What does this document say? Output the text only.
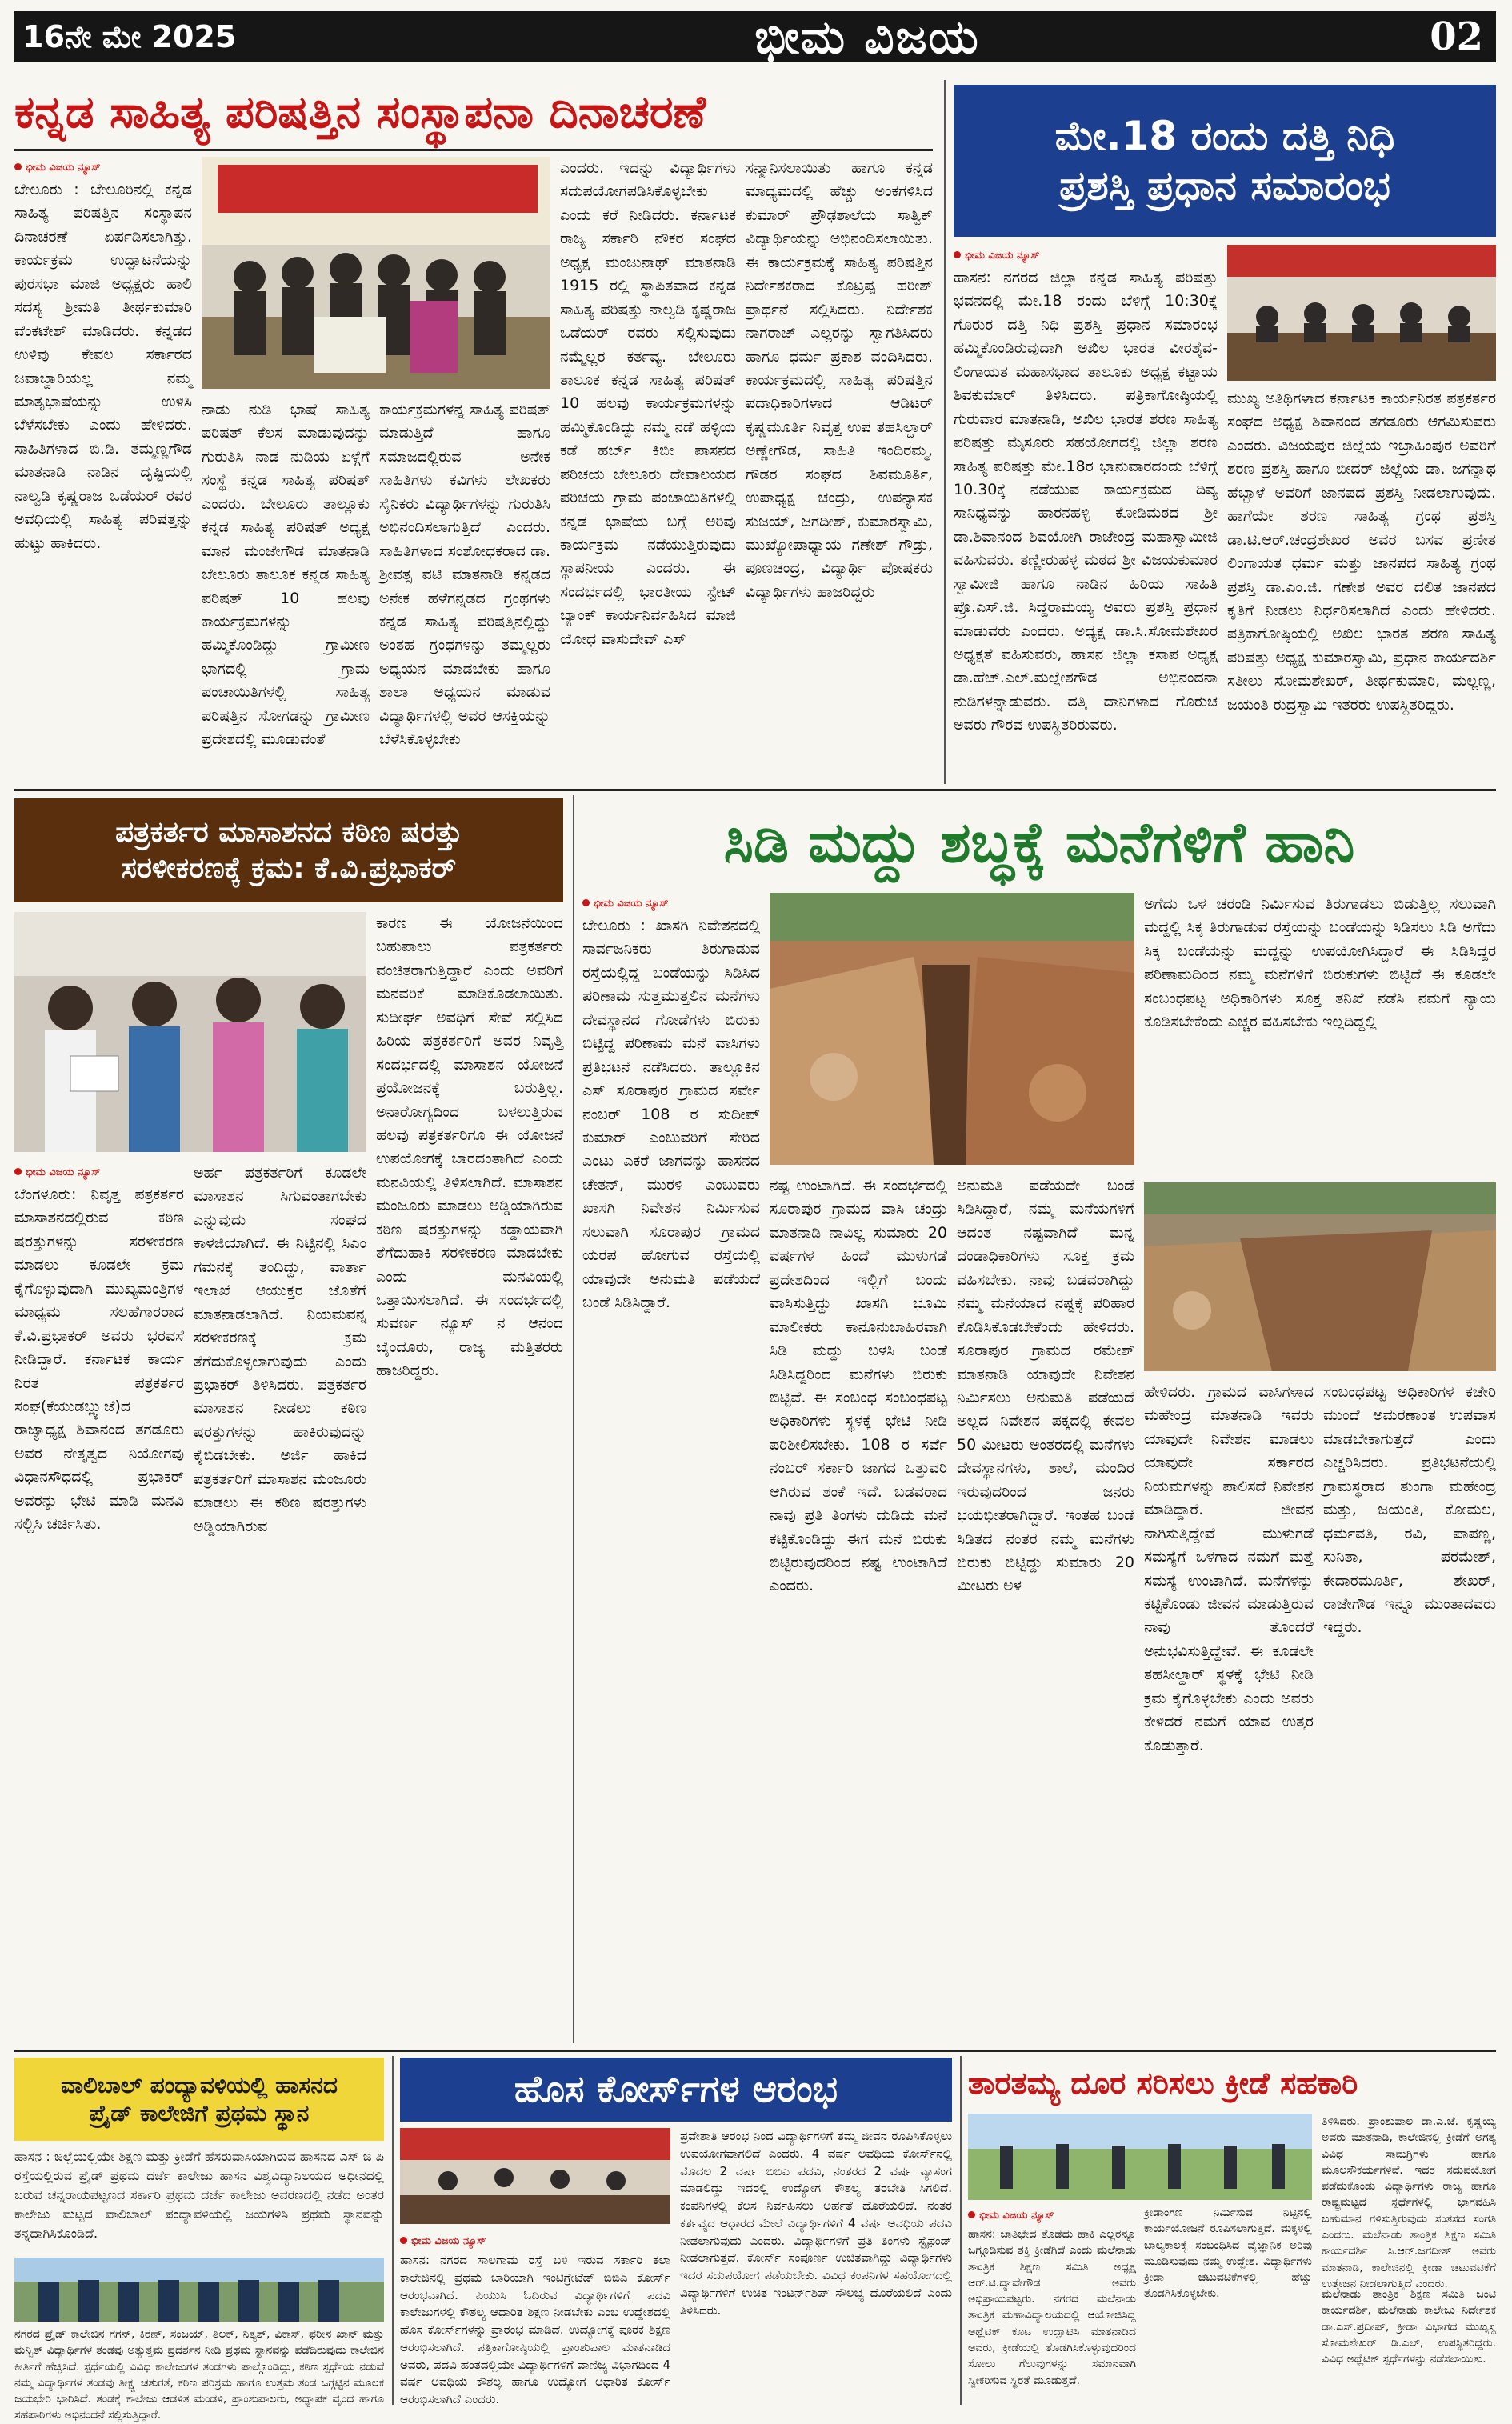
16ನೇ ಮೇ 2025	ಭೀಮ ವಿಜಯ	02
ಕನ್ನಡ ಸಾಹಿತ್ಯ ಪರಿಷತ್ತಿನ ಸಂಸ್ಥಾಪನಾ ದಿನಾಚರಣೆ
ಭೀಮ ವಿಜಯ ನ್ಯೂಸ್
ಬೇಲೂರು : ಬೇಲೂರಿನಲ್ಲಿ ಕನ್ನಡ ಸಾಹಿತ್ಯ ಪರಿಷತ್ತಿನ ಸಂಸ್ಥಾಪನ ದಿನಾಚರಣೆ ಏರ್ಪಡಿಸಲಾಗಿತ್ತು. ಕಾರ್ಯಕ್ರಮ ಉದ್ಘಾಟನೆಯನ್ನು ಪುರಸಭಾ ಮಾಜಿ ಅಧ್ಯಕ್ಷರು ಹಾಲಿ ಸದಸ್ಯ ಶ್ರೀಮತಿ ತೀರ್ಥಕುಮಾರಿ ವೆಂಕಟೇಶ್ ಮಾಡಿದರು. ಕನ್ನಡದ ಉಳಿವು ಕೇವಲ ಸರ್ಕಾರದ ಜವಾಬ್ದಾರಿಯಲ್ಲ ನಮ್ಮ ಮಾತೃಭಾಷೆಯನ್ನು ಉಳಿಸಿ ಬೆಳೆಸಬೇಕು ಎಂದು ಹೇಳಿದರು. ಸಾಹಿತಿಗಳಾದ ಬಿ.ಡಿ. ತಮ್ಮಣ್ಣಗೌಡ ಮಾತನಾಡಿ ನಾಡಿನ ದೃಷ್ಟಿಯಲ್ಲಿ ನಾಲ್ವಡಿ ಕೃಷ್ಣರಾಜ ಒಡೆಯರ್ ರವರ ಅವಧಿಯಲ್ಲಿ ಸಾಹಿತ್ಯ ಪರಿಷತ್ತನ್ನು ಹುಟ್ಟು ಹಾಕಿದರು.
ನಾಡು ನುಡಿ ಭಾಷೆ ಸಾಹಿತ್ಯ ಪರಿಷತ್ ಕೆಲಸ ಮಾಡುವುದನ್ನು ಗುರುತಿಸಿ ನಾಡ ನುಡಿಯ ಏಳ್ಗೆಗೆ ಸಂಸ್ಥೆ ಕನ್ನಡ ಸಾಹಿತ್ಯ ಪರಿಷತ್ ಎಂದರು. ಬೇಲೂರು ತಾಲ್ಲೂಕು ಕನ್ನಡ ಸಾಹಿತ್ಯ ಪರಿಷತ್ ಅಧ್ಯಕ್ಷ ಮಾನ ಮಂಜೇಗೌಡ ಮಾತನಾಡಿ ಬೇಲೂರು ತಾಲೂಕ ಕನ್ನಡ ಸಾಹಿತ್ಯ ಪರಿಷತ್ 10 ಹಲವು ಕಾರ್ಯಕ್ರಮಗಳನ್ನು ಹಮ್ಮಿಕೊಂಡಿದ್ದು ಗ್ರಾಮೀಣ ಭಾಗದಲ್ಲಿ ಗ್ರಾಮ ಪಂಚಾಯಿತಿಗಳಲ್ಲಿ ಸಾಹಿತ್ಯ ಪರಿಷತ್ತಿನ ಸೋಗಡನ್ನು ಗ್ರಾಮೀಣ ಪ್ರದೇಶದಲ್ಲಿ ಮೂಡುವಂತೆ
ಕಾರ್ಯಕ್ರಮಗಳನ್ನ ಸಾಹಿತ್ಯ ಪರಿಷತ್ ಮಾಡುತ್ತಿದೆ ಹಾಗೂ ಸಮಾಜದಲ್ಲಿರುವ ಅನೇಕ ಸಾಹಿತಿಗಳು ಕವಿಗಳು ಲೇಖಕರು ಸೈನಿಕರು ವಿದ್ಯಾರ್ಥಿಗಳನ್ನು ಗುರುತಿಸಿ ಅಭಿನಂದಿಸಲಾಗುತ್ತಿದೆ ಎಂದರು. ಸಾಹಿತಿಗಳಾದ ಸಂಶೋಧಕರಾದ ಡಾ. ಶ್ರೀವತ್ಸ ವಟಿ ಮಾತನಾಡಿ ಕನ್ನಡದ ಅನೇಕ ಹಳೆಗನ್ನಡದ ಗ್ರಂಥಗಳು ಕನ್ನಡ ಸಾಹಿತ್ಯ ಪರಿಷತ್ತಿನಲ್ಲಿದ್ದು ಅಂತಹ ಗ್ರಂಥಗಳನ್ನು ತಮ್ಮಲ್ಲರು ಅಧ್ಯಯನ ಮಾಡಬೇಕು ಹಾಗೂ ಶಾಲಾ ಅಧ್ಯಯನ ಮಾಡುವ ವಿದ್ಯಾರ್ಥಿಗಳಲ್ಲಿ ಅವರ ಆಸಕ್ತಿಯನ್ನು ಬೆಳೆಸಿಕೊಳ್ಳಬೇಕು
ಎಂದರು. ಇದನ್ನು ವಿದ್ಯಾರ್ಥಿಗಳು ಸದುಪಯೋಗಪಡಿಸಿಕೊಳ್ಳಬೇಕು ಎಂದು ಕರೆ ನೀಡಿದರು. ಕರ್ನಾಟಕ ರಾಜ್ಯ ಸರ್ಕಾರಿ ನೌಕರ ಸಂಘದ ಅಧ್ಯಕ್ಷ ಮಂಜುನಾಥ್ ಮಾತನಾಡಿ 1915 ರಲ್ಲಿ ಸ್ಥಾಪಿತವಾದ ಕನ್ನಡ ಸಾಹಿತ್ಯ ಪರಿಷತ್ತು ನಾಲ್ವಡಿ ಕೃಷ್ಣರಾಜ ಒಡೆಯರ್ ರವರು ಸಲ್ಲಿಸುವುದು ನಮ್ಮೆಲ್ಲರ ಕರ್ತವ್ಯ. ಬೇಲೂರು ತಾಲೂಕ ಕನ್ನಡ ಸಾಹಿತ್ಯ ಪರಿಷತ್ 10 ಹಲವು ಕಾರ್ಯಕ್ರಮಗಳನ್ನು ಹಮ್ಮಿಕೊಂಡಿದ್ದು ನಮ್ಮ ನಡೆ ಹಳ್ಳಿಯ ಕಡೆ ಹರ್ಬ್ ಕಿಬೀ ಪಾಸನದ ಪರಿಚಯ ಬೇಲೂರು ದೇವಾಲಯದ ಪರಿಚಯ ಗ್ರಾಮ ಪಂಚಾಯಿತಿಗಳಲ್ಲಿ ಕನ್ನಡ ಭಾಷೆಯ ಬಗ್ಗೆ ಅರಿವು ಕಾರ್ಯಕ್ರಮ ನಡೆಯುತ್ತಿರುವುದು ಸ್ಥಾಪನೀಯ ಎಂದರು. ಈ ಸಂದರ್ಭದಲ್ಲಿ ಭಾರತೀಯ ಸ್ಟೇಟ್ ಬ್ಯಾಂಕ್ ಕಾರ್ಯನಿರ್ವಹಿಸಿದ ಮಾಜಿ ಯೋಧ ವಾಸುದೇವ್ ಎಸ್
ಸನ್ಮಾನಿಸಲಾಯಿತು ಹಾಗೂ ಕನ್ನಡ ಮಾಧ್ಯಮದಲ್ಲಿ ಹೆಚ್ಚು ಅಂಕಗಳಿಸಿದ ಕುಮಾರ್ ಪ್ರೌಢಶಾಲೆಯ ಸಾತ್ವಿಕ್ ವಿದ್ಯಾರ್ಥಿಯನ್ನು ಅಭಿನಂದಿಸಲಾಯಿತು. ಈ ಕಾರ್ಯಕ್ರಮಕ್ಕೆ ಸಾಹಿತ್ಯ ಪರಿಷತ್ತಿನ ನಿರ್ದೇಶಕರಾದ ಕೊಟ್ರಪ್ಪ ಹರೀಶ್ ಪ್ರಾರ್ಥನೆ ಸಲ್ಲಿಸಿದರು. ನಿರ್ದೇಶಕ ನಾಗರಾಜ್ ಎಲ್ಲರನ್ನು ಸ್ವಾಗತಿಸಿದರು ಹಾಗೂ ಧರ್ಮ ಪ್ರಕಾಶ ವಂದಿಸಿದರು. ಕಾರ್ಯಕ್ರಮದಲ್ಲಿ ಸಾಹಿತ್ಯ ಪರಿಷತ್ತಿನ ಪದಾಧಿಕಾರಿಗಳಾದ ಆಡಿಟರ್ ಕೃಷ್ಣಮೂರ್ತಿ ನಿವೃತ್ತ ಉಪ ತಹಸಿಲ್ದಾರ್ ಅಣ್ಣೇಗೌಡ, ಸಾಹಿತಿ ಇಂದಿರಮ್ಮ, ಗೌಡರ ಸಂಘದ ಶಿವಮೂರ್ತಿ, ಉಪಾಧ್ಯಕ್ಷ ಚಂದ್ರು, ಉಪನ್ಯಾಸಕ ಸುಜಯ್, ಜಗದೀಶ್, ಕುಮಾರಸ್ವಾಮಿ, ಮುಖ್ಯೋಪಾಧ್ಯಾಯ ಗಣೇಶ್ ಗೌಡ್ರು, ಪೂಣಚಂದ್ರ, ವಿದ್ಯಾರ್ಥಿ ಪೋಷಕರು ವಿದ್ಯಾರ್ಥಿಗಳು ಹಾಜರಿದ್ದರು
ಮೇ.18 ರಂದು ದತ್ತಿ ನಿಧಿ
ಪ್ರಶಸ್ತಿ ಪ್ರಧಾನ ಸಮಾರಂಭ
ಭೀಮ ವಿಜಯ ನ್ಯೂಸ್
ಹಾಸನ: ನಗರದ ಜಿಲ್ಲಾ ಕನ್ನಡ ಸಾಹಿತ್ಯ ಪರಿಷತ್ತು ಭವನದಲ್ಲಿ ಮೇ.18 ರಂದು ಬೆಳಿಗ್ಗೆ 10:30ಕ್ಕೆ ಗೊರುರ ದತ್ತಿ ನಿಧಿ ಪ್ರಶಸ್ತಿ ಪ್ರಧಾನ ಸಮಾರಂಭ ಹಮ್ಮಿಕೊಂಡಿರುವುದಾಗಿ ಅಖಿಲ ಭಾರತ ವೀರಶೈವ-ಲಿಂಗಾಯತ ಮಹಾಸಭಾದ ತಾಲೂಕು ಅಧ್ಯಕ್ಷ ಕಟ್ಟಾಯ ಶಿವಕುಮಾರ್ ತಿಳಿಸಿದರು. ಪತ್ರಿಕಾಗೋಷ್ಠಿಯಲ್ಲಿ ಗುರುವಾರ ಮಾತನಾಡಿ, ಅಖಿಲ ಭಾರತ ಶರಣ ಸಾಹಿತ್ಯ ಪರಿಷತ್ತು ಮೈಸೂರು ಸಹಯೋಗದಲ್ಲಿ ಜಿಲ್ಲಾ ಶರಣ ಸಾಹಿತ್ಯ ಪರಿಷತ್ತು ಮೇ.18ರ ಭಾನುವಾರದಂದು ಬೆಳಿಗ್ಗೆ 10.30ಕ್ಕೆ ನಡೆಯುವ ಕಾರ್ಯಕ್ರಮದ ದಿವ್ಯ ಸಾನಿಧ್ಯವನ್ನು ಹಾರನಹಳ್ಳಿ ಕೋಡಿಮಠದ ಶ್ರೀ ಡಾ.ಶಿವಾನಂದ ಶಿವಯೋಗಿ ರಾಜೇಂದ್ರ ಮಹಾಸ್ವಾಮೀಜಿ ವಹಿಸುವರು. ತಣ್ಣೀರುಹಳ್ಳ ಮಠದ ಶ್ರೀ ವಿಜಯಕುಮಾರ ಸ್ವಾಮೀಜಿ ಹಾಗೂ ನಾಡಿನ ಹಿರಿಯ ಸಾಹಿತಿ ಪ್ರೊ.ಎಸ್.ಜಿ. ಸಿದ್ದರಾಮಯ್ಯ ಅವರು ಪ್ರಶಸ್ತಿ ಪ್ರಧಾನ ಮಾಡುವರು ಎಂದರು. ಅಧ್ಯಕ್ಷ ಡಾ.ಸಿ.ಸೋಮಶೇಖರ ಅಧ್ಯಕ್ಷತೆ ವಹಿಸುವರು, ಹಾಸನ ಜಿಲ್ಲಾ ಕಸಾಪ ಅಧ್ಯಕ್ಷ ಡಾ.ಹೆಚ್.ಎಲ್.ಮಲ್ಲೇಶಗೌಡ ಅಭಿನಂದನಾ ನುಡಿಗಳನ್ನಾಡುವರು. ದತ್ತಿ ದಾನಿಗಳಾದ ಗೊರುಚ ಅವರು ಗೌರವ ಉಪಸ್ಥಿತರಿರುವರು.
ಮುಖ್ಯ ಅತಿಥಿಗಳಾದ ಕರ್ನಾಟಕ ಕಾರ್ಯನಿರತ ಪತ್ರಕರ್ತರ ಸಂಘದ ಅಧ್ಯಕ್ಷ ಶಿವಾನಂದ ತಗಡೂರು ಆಗಮಿಸುವರು ಎಂದರು. ವಿಜಯಪುರ ಜಿಲ್ಲೆಯ ಇಬ್ರಾಹಿಂಪುರ ಅವರಿಗೆ ಶರಣ ಪ್ರಶಸ್ತಿ ಹಾಗೂ ಬೀದರ್ ಜಿಲ್ಲೆಯ ಡಾ. ಜಗನ್ನಾಥ ಹೆಬ್ಬಾಳೆ ಅವರಿಗೆ ಜಾನಪದ ಪ್ರಶಸ್ತಿ ನೀಡಲಾಗುವುದು. ಹಾಗೆಯೇ ಶರಣ ಸಾಹಿತ್ಯ ಗ್ರಂಥ ಪ್ರಶಸ್ತಿ ಡಾ.ಟಿ.ಆರ್.ಚಂದ್ರಶೇಖರ ಅವರ ಬಸವ ಪ್ರಣೀತ ಲಿಂಗಾಯತ ಧರ್ಮ ಮತ್ತು ಜಾನಪದ ಸಾಹಿತ್ಯ ಗ್ರಂಥ ಪ್ರಶಸ್ತಿ ಡಾ.ಎಂ.ಜಿ. ಗಣೇಶ ಅವರ ದಲಿತ ಜಾನಪದ ಕೃತಿಗೆ ನೀಡಲು ನಿರ್ಧರಿಸಲಾಗಿದೆ ಎಂದು ಹೇಳಿದರು. ಪತ್ರಿಕಾಗೋಷ್ಠಿಯಲ್ಲಿ ಅಖಿಲ ಭಾರತ ಶರಣ ಸಾಹಿತ್ಯ ಪರಿಷತ್ತು ಅಧ್ಯಕ್ಷ ಕುಮಾರಸ್ವಾಮಿ, ಪ್ರಧಾನ ಕಾರ್ಯದರ್ಶಿ ಸತೀಲು ಸೋಮಶೇಖರ್, ತೀರ್ಥಕುಮಾರಿ, ಮಲ್ಲಣ್ಣ, ಜಯಂತಿ ರುದ್ರಸ್ವಾಮಿ ಇತರರು ಉಪಸ್ಥಿತರಿದ್ದರು.
ಪತ್ರಕರ್ತರ ಮಾಸಾಶನದ ಕಠಿಣ ಷರತ್ತು
ಸರಳೀಕರಣಕ್ಕೆ ಕ್ರಮ: ಕೆ.ವಿ.ಪ್ರಭಾಕರ್
ಭೀಮ ವಿಜಯ ನ್ಯೂಸ್
ಬೆಂಗಳೂರು: ನಿವೃತ್ತ ಪತ್ರಕರ್ತರ ಮಾಸಾಶನದಲ್ಲಿರುವ ಕಠಿಣ ಷರತ್ತುಗಳನ್ನು ಸರಳೀಕರಣ ಮಾಡಲು ಕೂಡಲೇ ಕ್ರಮ ಕೈಗೊಳ್ಳುವುದಾಗಿ ಮುಖ್ಯಮಂತ್ರಿಗಳ ಮಾಧ್ಯಮ ಸಲಹೆಗಾರರಾದ ಕೆ.ವಿ.ಪ್ರಭಾಕರ್ ಅವರು ಭರವಸೆ ನೀಡಿದ್ದಾರೆ. ಕರ್ನಾಟಕ ಕಾರ್ಯ ನಿರತ ಪತ್ರಕರ್ತರ ಸಂಘ(ಕೆಯುಡಬ್ಲ್ಯುಜೆ)ದ ರಾಜ್ಯಾಧ್ಯಕ್ಷ ಶಿವಾನಂದ ತಗಡೂರು ಅವರ ನೇತೃತ್ವದ ನಿಯೋಗವು ವಿಧಾನಸೌಧದಲ್ಲಿ ಪ್ರಭಾಕರ್ ಅವರನ್ನು ಭೇಟಿ ಮಾಡಿ ಮನವಿ ಸಲ್ಲಿಸಿ ಚರ್ಚಿಸಿತು.
ಅರ್ಹ ಪತ್ರಕರ್ತರಿಗೆ ಕೂಡಲೇ ಮಾಸಾಶನ ಸಿಗುವಂತಾಗಬೇಕು ಎನ್ನುವುದು ಸಂಘದ ಕಾಳಜಿಯಾಗಿದೆ. ಈ ನಿಟ್ಟಿನಲ್ಲಿ ಸಿಎಂ ಗಮನಕ್ಕೆ ತಂದಿದ್ದು, ವಾರ್ತಾ ಇಲಾಖೆ ಆಯುಕ್ತರ ಜೊತೆಗೆ ಮಾತನಾಡಲಾಗಿದೆ. ನಿಯಮವನ್ನ ಸರಳೀಕರಣಕ್ಕೆ ಕ್ರಮ ತೆಗೆದುಕೊಳ್ಳಲಾಗುವುದು ಎಂದು ಪ್ರಭಾಕರ್ ತಿಳಿಸಿದರು. ಪತ್ರಕರ್ತರ ಮಾಸಾಶನ ನೀಡಲು ಕಠಿಣ ಷರತ್ತುಗಳನ್ನು ಹಾಕಿರುವುದನ್ನು ಕೈಬಿಡಬೇಕು. ಅರ್ಜಿ ಹಾಕಿದ ಪತ್ರಕರ್ತರಿಗೆ ಮಾಸಾಶನ ಮಂಜೂರು ಮಾಡಲು ಈ ಕಠಿಣ ಷರತ್ತುಗಳು ಅಡ್ಡಿಯಾಗಿರುವ
ಕಾರಣ ಈ ಯೋಜನೆಯಿಂದ ಬಹುಪಾಲು ಪತ್ರಕರ್ತರು ವಂಚಿತರಾಗುತ್ತಿದ್ದಾರೆ ಎಂದು ಅವರಿಗೆ ಮನವರಿಕೆ ಮಾಡಿಕೊಡಲಾಯಿತು. ಸುದೀರ್ಘ ಅವಧಿಗೆ ಸೇವೆ ಸಲ್ಲಿಸಿದ ಹಿರಿಯ ಪತ್ರಕರ್ತರಿಗೆ ಅವರ ನಿವೃತ್ತಿ ಸಂದರ್ಭದಲ್ಲಿ ಮಾಸಾಶನ ಯೋಜನೆ ಪ್ರಯೋಜನಕ್ಕೆ ಬರುತ್ತಿಲ್ಲ. ಅನಾರೋಗ್ಯದಿಂದ ಬಳಲುತ್ತಿರುವ ಹಲವು ಪತ್ರಕರ್ತರಿಗೂ ಈ ಯೋಜನೆ ಉಪಯೋಗಕ್ಕೆ ಬಾರದಂತಾಗಿದೆ ಎಂದು ಮನವಿಯಲ್ಲಿ ತಿಳಿಸಲಾಗಿದೆ. ಮಾಸಾಶನ ಮಂಜೂರು ಮಾಡಲು ಅಡ್ಡಿಯಾಗಿರುವ ಕಠಿಣ ಷರತ್ತುಗಳನ್ನು ಕಡ್ಡಾಯವಾಗಿ ತೆಗೆದುಹಾಕಿ ಸರಳೀಕರಣ ಮಾಡಬೇಕು ಎಂದು ಮನವಿಯಲ್ಲಿ ಒತ್ತಾಯಿಸಲಾಗಿದೆ. ಈ ಸಂದರ್ಭದಲ್ಲಿ ಸುವರ್ಣ ನ್ಯೂಸ್ ನ ಆನಂದ ಬೈಂದೂರು, ರಾಜ್ಯ ಮತ್ತಿತರರು ಹಾಜರಿದ್ದರು.
ಸಿಡಿ ಮದ್ದು ಶಬ್ಧಕ್ಕೆ ಮನೆಗಳಿಗೆ ಹಾನಿ
ಭೀಮ ವಿಜಯ ನ್ಯೂಸ್
ಬೇಲೂರು : ಖಾಸಗಿ ನಿವೇಶನದಲ್ಲಿ ಸಾರ್ವಜನಿಕರು ತಿರುಗಾಡುವ ರಸ್ತೆಯಲ್ಲಿದ್ದ ಬಂಡೆಯನ್ನು ಸಿಡಿಸಿದ ಪರಿಣಾಮ ಸುತ್ತಮುತ್ತಲಿನ ಮನೆಗಳು ದೇವಸ್ಥಾನದ ಗೋಡೆಗಳು ಬಿರುಕು ಬಿಟ್ಟಿದ್ದ ಪರಿಣಾಮ ಮನೆ ವಾಸಿಗಳು ಪ್ರತಿಭಟನೆ ನಡೆಸಿದರು. ತಾಲ್ಲೂಕಿನ ಎಸ್ ಸೂರಾಪುರ ಗ್ರಾಮದ ಸರ್ವೇ ನಂಬರ್ 108 ರ ಸುದೀಪ್ ಕುಮಾರ್ ಎಂಬುವರಿಗೆ ಸೇರಿದ ಎಂಟು ಎಕರೆ ಜಾಗವನ್ನು ಹಾಸನದ ಚೇತನ್, ಮುರಳಿ ಎಂಬುವರು ಖಾಸಗಿ ನಿವೇಶನ ನಿರ್ಮಿಸುವ ಸಲುವಾಗಿ ಸೂರಾಪುರ ಗ್ರಾಮದ ಯರಪ ಹೋಗುವ ರಸ್ತೆಯಲ್ಲಿ ಯಾವುದೇ ಅನುಮತಿ ಪಡೆಯದೆ ಬಂಡೆ ಸಿಡಿಸಿದ್ದಾರೆ.
ನಷ್ಟ ಉಂಟಾಗಿದೆ. ಈ ಸಂದರ್ಭದಲ್ಲಿ ಸೂರಾಪುರ ಗ್ರಾಮದ ವಾಸಿ ಚಂದ್ರು ಮಾತನಾಡಿ ನಾವಿಲ್ಲ ಸುಮಾರು 20 ವರ್ಷಗಳ ಹಿಂದೆ ಮುಳುಗಡೆ ಪ್ರದೇಶದಿಂದ ಇಲ್ಲಿಗೆ ಬಂದು ವಾಸಿಸುತ್ತಿದ್ದು ಖಾಸಗಿ ಭೂಮಿ ಮಾಲೀಕರು ಕಾನೂನುಬಾಹಿರವಾಗಿ ಸಿಡಿ ಮದ್ದು ಬಳಸಿ ಬಂಡೆ ಸಿಡಿಸಿದ್ದರಿಂದ ಮನೆಗಳು ಬಿರುಕು ಬಿಟ್ಟಿವೆ. ಈ ಸಂಬಂಧ ಸಂಬಂಧಪಟ್ಟ ಅಧಿಕಾರಿಗಳು ಸ್ಥಳಕ್ಕೆ ಭೇಟಿ ನೀಡಿ ಪರಿಶೀಲಿಸಬೇಕು. 108 ರ ಸರ್ವೆ ನಂಬರ್ ಸರ್ಕಾರಿ ಜಾಗದ ಒತ್ತುವರಿ ಆಗಿರುವ ಶಂಕೆ ಇದೆ. ಬಡವರಾದ ನಾವು ಪ್ರತಿ ತಿಂಗಳು ದುಡಿದು ಮನೆ ಕಟ್ಟಿಕೊಂಡಿದ್ದು ಈಗ ಮನೆ ಬಿರುಕು ಬಿಟ್ಟಿರುವುದರಿಂದ ನಷ್ಟ ಉಂಟಾಗಿದೆ ಎಂದರು.
ಅನುಮತಿ ಪಡೆಯದೇ ಬಂಡೆ ಸಿಡಿಸಿದ್ದಾರೆ, ನಮ್ಮ ಮನೆಯಗಳಿಗೆ ಆದಂತ ನಷ್ಟವಾಗಿದೆ ಮನ್ನ ದಂಡಾಧಿಕಾರಿಗಳು ಸೂಕ್ತ ಕ್ರಮ ವಹಿಸಬೇಕು. ನಾವು ಬಡವರಾಗಿದ್ದು ನಮ್ಮ ಮನೆಯಾದ ನಷ್ಟಕ್ಕೆ ಪರಿಹಾರ ಕೊಡಿಸಿಕೊಡಬೇಕೆಂದು ಹೇಳಿದರು. ಸೂರಾಪುರ ಗ್ರಾಮದ ರಮೇಶ್ ಮಾತನಾಡಿ ಯಾವುದೇ ನಿವೇಶನ ನಿರ್ಮಿಸಲು ಅನುಮತಿ ಪಡೆಯದೆ ಅಲ್ಲದ ನಿವೇಶನ ಪಕ್ಕದಲ್ಲಿ ಕೇವಲ 50 ಮೀಟರು ಅಂತರದಲ್ಲಿ ಮನೆಗಳು ದೇವಸ್ಥಾನಗಳು, ಶಾಲೆ, ಮಂದಿರ ಇರುವುದರಿಂದ ಜನರು ಭಯಭೀತರಾಗಿದ್ದಾರೆ. ಇಂತಹ ಬಂಡೆ ಸಿಡಿತದ ನಂತರ ನಮ್ಮ ಮನೆಗಳು ಬಿರುಕು ಬಿಟ್ಟಿದ್ದು ಸುಮಾರು 20 ಮೀಟರು ಅಳ
ಅಗೆದು ಒಳ ಚರಂಡಿ ನಿರ್ಮಿಸುವ ತಿರುಗಾಡಲು ಬಿಡುತ್ತಿಲ್ಲ ಸಲುವಾಗಿ ಮದ್ದಲ್ಲಿ ಸಿಕ್ಕ ತಿರುಗಾಡುವ ರಸ್ತೆಯನ್ನು ಬಂಡೆಯನ್ನು ಸಿಡಿಸಲು ಸಿಡಿ ಅಗೆದು ಸಿಕ್ಕ ಬಂಡೆಯನ್ನು ಮದ್ದನ್ನು ಉಪಯೋಗಿಸಿದ್ದಾರೆ ಈ ಸಿಡಿಸಿದ್ದರ ಪರಿಣಾಮದಿಂದ ನಮ್ಮ ಮನೆಗಳಿಗೆ ಬಿರುಕುಗಳು ಬಿಟ್ಟಿದೆ ಈ ಕೂಡಲೇ ಸಂಬಂಧಪಟ್ಟ ಅಧಿಕಾರಿಗಳು ಸೂಕ್ತ ತನಿಖೆ ನಡೆಸಿ ನಮಗೆ ನ್ಯಾಯ ಕೊಡಿಸಬೇಕೆಂದು ಎಚ್ಚರ ವಹಿಸಬೇಕು ಇಲ್ಲದಿದ್ದಲ್ಲಿ
ಹೇಳಿದರು. ಗ್ರಾಮದ ವಾಸಿಗಳಾದ ಮಹೇಂದ್ರ ಮಾತನಾಡಿ ಇವರು ಯಾವುದೇ ನಿವೇಶನ ಮಾಡಲು ಯಾವುದೇ ಸರ್ಕಾರದ ನಿಯಮಗಳನ್ನು ಪಾಲಿಸದೆ ನಿವೇಶನ ಮಾಡಿದ್ದಾರೆ. ಜೀವನ ನಾಗಿಸುತ್ತಿದ್ದೇವೆ ಮುಳುಗಡೆ ಸಮಸ್ಯೆಗೆ ಒಳಗಾದ ನಮಗೆ ಮತ್ತೆ ಸಮಸ್ಯೆ ಉಂಟಾಗಿದೆ. ಮನೆಗಳನ್ನು ಕಟ್ಟಿಕೊಂಡು ಜೀವನ ಮಾಡುತ್ತಿರುವ ನಾವು ತೊಂದರೆ ಅನುಭವಿಸುತ್ತಿದ್ದೇವೆ. ಈ ಕೂಡಲೇ ತಹಸೀಲ್ದಾರ್ ಸ್ಥಳಕ್ಕೆ ಭೇಟಿ ನೀಡಿ ಕ್ರಮ ಕೈಗೊಳ್ಳಬೇಕು ಎಂದು ಅವರು ಕೇಳಿದರೆ ನಮಗೆ ಯಾವ ಉತ್ತರ ಕೊಡುತ್ತಾರೆ.
ಸಂಬಂಧಪಟ್ಟ ಅಧಿಕಾರಿಗಳ ಕಚೇರಿ ಮುಂದೆ ಅಮರಣಾಂತ ಉಪವಾಸ ಮಾಡಬೇಕಾಗುತ್ತದೆ ಎಂದು ಎಚ್ಚರಿಸಿದರು. ಪ್ರತಿಭಟನೆಯಲ್ಲಿ ಗ್ರಾಮಸ್ಥರಾದ ತುಂಗಾ ಮಹೇಂದ್ರ ಮತ್ತು, ಜಯಂತಿ, ಕೋಮಲ, ಧರ್ಮವತಿ, ರವಿ, ಪಾಪಣ್ಣ, ಸುನಿತಾ, ಪರಮೇಶ್, ಕೇದಾರಮೂರ್ತಿ, ಶೇಖರ್, ರಾಜೇಗೌಡ ಇನ್ನೂ ಮುಂತಾದವರು ಇದ್ದರು.
ವಾಲಿಬಾಲ್ ಪಂದ್ಯಾವಳಿಯಲ್ಲಿ ಹಾಸನದ
ಪ್ರೈಡ್ ಕಾಲೇಜಿಗೆ ಪ್ರಥಮ ಸ್ಥಾನ
ಹಾಸನ : ಜಿಲ್ಲೆಯಲ್ಲಿಯೇ ಶಿಕ್ಷಣ ಮತ್ತು ಕ್ರೀಡೆಗೆ ಹೆಸರುವಾಸಿಯಾಗಿರುವ ಹಾಸನದ ಎಸ್ ಜಿ ಪಿ ರಸ್ತೆಯಲ್ಲಿರುವ ಪ್ರೈಡ್ ಪ್ರಥಮ ದರ್ಜೆ ಕಾಲೇಜು ಹಾಸನ ವಿಶ್ವವಿದ್ಯಾನಿಲಯದ ಅಧೀನದಲ್ಲಿ ಬರುವ ಚನ್ನರಾಯಪಟ್ಟಣದ ಸರ್ಕಾರಿ ಪ್ರಥಮ ದರ್ಜೆ ಕಾಲೇಜು ಅವರಣದಲ್ಲಿ ನಡೆದ ಅಂತರ ಕಾಲೇಜು ಮಟ್ಟದ ವಾಲಿಬಾಲ್ ಪಂದ್ಯಾವಳಿಯಲ್ಲಿ ಜಯಗಳಿಸಿ ಪ್ರಥಮ ಸ್ಥಾನವನ್ನು ತನ್ನದಾಗಿಸಿಕೊಂಡಿದೆ.
ನಗರದ ಪ್ರೈಡ್ ಕಾಲೇಜಿನ ಗಗನ್, ಕಿರಣ್, ಸಂಜಯ್, ತಿಲಕ್, ನಿತ್ಯಶ್, ವಿಕಾಸ್, ಫರೀನ ಖಾನ್ ಮತ್ತು ಮನ್ವಿತ್ ವಿದ್ಯಾರ್ಥಿಗಳ ತಂಡವು ಅತ್ಯುತ್ತಮ ಪ್ರದರ್ಶನ ನೀಡಿ ಪ್ರಥಮ ಸ್ಥಾನವನ್ನು ಪಡೆದಿರುವುದು ಕಾಲೇಜಿನ ಕೀರ್ತಿಗೆ ಹೆಚ್ಚಿಸಿದೆ. ಸ್ಪರ್ಧೆಯಲ್ಲಿ ವಿವಿಧ ಕಾಲೇಜುಗಳ ತಂಡಗಳು ಪಾಲ್ಗೊಂಡಿದ್ದು, ಕಠಿಣ ಸ್ಪರ್ಧೆಯ ನಡುವೆ ನಮ್ಮ ವಿದ್ಯಾರ್ಥಿಗಳ ತಂಡವು ತೀಕ್ಷ್ಣ ಚತುರತೆ, ಕಠಿಣ ಪರಿಶ್ರಮ ಹಾಗೂ ಉತ್ತಮ ತಂಡ ಒಗ್ಗಟ್ಟಿನ ಮೂಲಕ ಜಯಭೇರಿ ಭಾರಿಸಿದೆ. ತಂಡಕ್ಕೆ ಕಾಲೇಜು ಆಡಳಿತ ಮಂಡಳಿ, ಪ್ರಾಂಶುಪಾಲರು, ಅಧ್ಯಾಪಕ ವೃಂದ ಹಾಗೂ ಸಹಪಾಠಿಗಳು ಅಭಿನಂದನೆ ಸಲ್ಲಿಸುತ್ತಿದ್ದಾರೆ.
ಹೊಸ ಕೋರ್ಸ್‌ಗಳ ಆರಂಭ
ಭೀಮ ವಿಜಯ ನ್ಯೂಸ್
ಹಾಸನ: ನಗರದ ಸಾಲಗಾಮ ರಸ್ತೆ ಬಳಿ ಇರುವ ಸರ್ಕಾರಿ ಕಲಾ ಕಾಲೇಜಿನಲ್ಲಿ ಪ್ರಥಮ ಬಾರಿಯಾಗಿ ಇಂಟಿಗ್ರೇಟೆಡ್ ಬಿಬಿಎ ಕೋರ್ಸ್ ಆರಂಭವಾಗಿದೆ. ಪಿಯುಸಿ ಓದಿರುವ ವಿದ್ಯಾರ್ಥಿಗಳಿಗೆ ಪದವಿ ಕಾಲೇಜುಗಳಲ್ಲಿ ಕೌಶಲ್ಯ ಆಧಾರಿತ ಶಿಕ್ಷಣ ನೀಡಬೇಕು ಎಂಬ ಉದ್ದೇಶದಲ್ಲಿ ಹೊಸ ಕೋರ್ಸ್‌ಗಳನ್ನು ಪ್ರಾರಂಭ ಮಾಡಿದೆ. ಉದ್ಯೋಗಕ್ಕೆ ಪೂರಕ ಶಿಕ್ಷಣ ಆರಂಭಿಸಲಾಗಿದೆ. ಪತ್ರಿಕಾಗೋಷ್ಠಿಯಲ್ಲಿ ಪ್ರಾಂಶುಪಾಲ ಮಾತನಾಡಿದ ಅವರು, ಪದವಿ ಹಂತದಲ್ಲಿಯೇ ವಿದ್ಯಾರ್ಥಿಗಳಿಗೆ ವಾಣಿಜ್ಯ ವಿಭಾಗದಿಂದ 4 ವರ್ಷ ಅವಧಿಯ ಕೌಶಲ್ಯ ಹಾಗೂ ಉದ್ಯೋಗ ಆಧಾರಿತ ಕೋರ್ಸ್ ಆರಂಭಿಸಲಾಗಿದೆ ಎಂದರು.
ಪ್ರವೇಶಾತಿ ಆರಂಭ ನಿಂದ ವಿದ್ಯಾರ್ಥಿಗಳಿಗೆ ತಮ್ಮ ಜೀವನ ರೂಪಿಸಿಕೊಳ್ಳಲು ಉಪಯೋಗವಾಗಲಿದೆ ಎಂದರು. 4 ವರ್ಷ ಅವಧಿಯ ಕೋರ್ಸ್‌ನಲ್ಲಿ ಮೊದಲ 2 ವರ್ಷ ಬಿಬಿಎ ಪದವಿ, ನಂತರದ 2 ವರ್ಷ ವ್ಯಾಸಂಗ ಮಾಡಲಿದ್ದು ಇದರಲ್ಲಿ ಉದ್ಯೋಗ ಕೌಶಲ್ಯ ತರಬೇತಿ ಸಿಗಲಿದೆ. ಕಂಪನಿಗಳಲ್ಲಿ ಕೆಲಸ ನಿರ್ವಹಿಸಲು ಅರ್ಹತೆ ದೊರೆಯಲಿದೆ. ನಂತರ ಕರ್ತವ್ಯದ ಆಧಾರದ ಮೇಲೆ ವಿದ್ಯಾರ್ಥಿಗಳಿಗೆ 4 ವರ್ಷ ಅವಧಿಯ ಪದವಿ ನೀಡಲಾಗುವುದು ಎಂದರು. ವಿದ್ಯಾರ್ಥಿಗಳಿಗೆ ಪ್ರತಿ ತಿಂಗಳು ಸ್ಟೈಫಂಡ್ ನೀಡಲಾಗುತ್ತದೆ. ಕೋರ್ಸ್ ಸಂಪೂರ್ಣ ಉಚಿತವಾಗಿದ್ದು ವಿದ್ಯಾರ್ಥಿಗಳು ಇದರ ಸದುಪಯೋಗ ಪಡೆಯಬೇಕು. ವಿವಿಧ ಕಂಪನಿಗಳ ಸಹಯೋಗದಲ್ಲಿ ವಿದ್ಯಾರ್ಥಿಗಳಿಗೆ ಉಚಿತ ಇಂಟರ್ನ್‌ಶಿಪ್ ಸೌಲಭ್ಯ ದೊರೆಯಲಿದೆ ಎಂದು ತಿಳಿಸಿದರು.
ತಾರತಮ್ಯ ದೂರ ಸರಿಸಲು ಕ್ರೀಡೆ ಸಹಕಾರಿ
ಭೀಮ ವಿಜಯ ನ್ಯೂಸ್
ಹಾಸನ: ಜಾತಿಭೇದ ತೊಡೆದು ಹಾಕಿ ಎಲ್ಲರನ್ನೂ ಒಗ್ಗೂಡಿಸುವ ಶಕ್ತಿ ಕ್ರೀಡೆಗಿದೆ ಎಂದು ಮಲೆನಾಡು ತಾಂತ್ರಿಕ ಶಿಕ್ಷಣ ಸಮಿತಿ ಅಧ್ಯಕ್ಷ ಆರ್.ಟಿ.ದ್ಯಾವೇಗೌಡ ಅವರು ಅಭಿಪ್ರಾಯಪಟ್ಟರು. ನಗರದ ಮಲೆನಾಡು ತಾಂತ್ರಿಕ ಮಹಾವಿದ್ಯಾಲಯದಲ್ಲಿ ಆಯೋಜಿಸಿದ್ದ ಅಥ್ಲೆಟಿಕ್ ಕೂಟ ಉದ್ಘಾಟಿಸಿ ಮಾತನಾಡಿದ ಅವರು, ಕ್ರೀಡೆಯಲ್ಲಿ ತೊಡಗಿಸಿಕೊಳ್ಳುವುದರಿಂದ ಸೋಲು ಗೆಲುವುಗಳನ್ನು ಸಮಾನವಾಗಿ ಸ್ವೀಕರಿಸುವ ಸ್ಥಿರತೆ ಮೂಡುತ್ತದೆ.
ಕ್ರೀಡಾಂಗಣ ನಿರ್ಮಿಸುವ ನಿಟ್ಟಿನಲ್ಲಿ ಕಾರ್ಯಯೋಜನೆ ರೂಪಿಸಲಾಗುತ್ತಿದೆ. ಮಕ್ಕಳಲ್ಲಿ ಬಾಲ್ಯಕಾಲಕ್ಕೆ ಸಂಬಂಧಿಸಿದ ವೈಜ್ಞಾನಿಕ ಅರಿವು ಮೂಡಿಸುವುದು ನಮ್ಮ ಉದ್ದೇಶ. ವಿದ್ಯಾರ್ಥಿಗಳು ಕ್ರೀಡಾ ಚಟುವಟಿಕೆಗಳಲ್ಲಿ ಹೆಚ್ಚು ತೊಡಗಿಸಿಕೊಳ್ಳಬೇಕು.
ತಿಳಿಸಿದರು. ಪ್ರಾಂಶುಪಾಲ ಡಾ.ಎ.ಜೆ. ಕೃಷ್ಣಯ್ಯ ಅವರು ಮಾತನಾಡಿ, ಕಾಲೇಜಿನಲ್ಲಿ ಕ್ರೀಡೆಗೆ ಅಗತ್ಯ ವಿವಿಧ ಸಾಮಗ್ರಿಗಳು ಹಾಗೂ ಮೂಲಸೌಕರ್ಯಗಳಿವೆ. ಇದರ ಸದುಪಯೋಗ ಪಡೆದುಕೊಂಡು ವಿದ್ಯಾರ್ಥಿಗಳು ರಾಜ್ಯ ಹಾಗೂ ರಾಷ್ಟ್ರಮಟ್ಟದ ಸ್ಪರ್ಧೆಗಳಲ್ಲಿ ಭಾಗವಹಿಸಿ ಬಹುಮಾನ ಗಳಿಸುತ್ತಿರುವುದು ಸಂತಸದ ಸಂಗತಿ ಎಂದರು. ಮಲೆನಾಡು ತಾಂತ್ರಿಕ ಶಿಕ್ಷಣ ಸಮಿತಿ ಕಾರ್ಯದರ್ಶಿ ಸಿ.ಆರ್.ಜಗದೀಶ್ ಅವರು ಮಾತನಾಡಿ, ಕಾಲೇಜಿನಲ್ಲಿ ಕ್ರೀಡಾ ಚಟುವಟಿಕೆಗೆ ಉತ್ತೇಜನ ನೀಡಲಾಗುತ್ತಿದೆ ಎಂದರು.
ಮಲೆನಾಡು ತಾಂತ್ರಿಕ ಶಿಕ್ಷಣ ಸಮಿತಿ ಜಂಟಿ ಕಾರ್ಯದರ್ಶಿ, ಮಲೆನಾಡು ಕಾಲೇಜು ನಿರ್ದೇಶಕ ಡಾ.ಎಸ್.ಪ್ರದೀಪ್, ಕ್ರೀಡಾ ವಿಭಾಗದ ಮುಖ್ಯಸ್ಥ ಸೋಮಶೇಖರ್ ಡಿ.ಎಲ್, ಉಪಸ್ಥಿತರಿದ್ದರು. ವಿವಿಧ ಅಥ್ಲೆಟಿಕ್ ಸ್ಪರ್ಧೆಗಳನ್ನು ನಡೆಸಲಾಯಿತು.
